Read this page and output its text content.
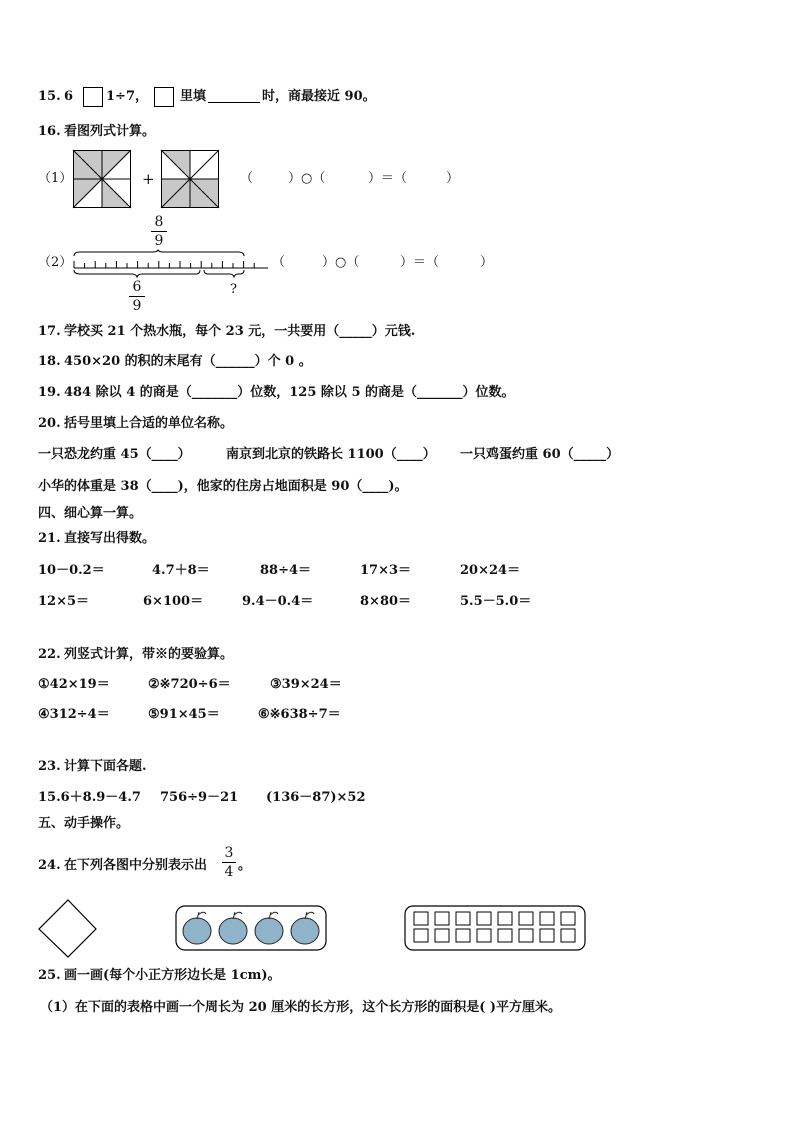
15. 6	1÷7， 里填	时，商最接近 90。
16. 看图列式计算。
（1）	+	（	）○（	）＝（	）
8
9
（2）
6
9
?
（	）○（	）＝（	）
17. 学校买 21 个热水瓶，每个 23 元，一共要用（_____）元钱.
18. 450×20 的积的末尾有（______）个 0 。
19. 484 除以 4 的商是（_______）位数，125 除以 5 的商是（_______）位数。
20. 括号里填上合适的单位名称。
一只恐龙约重 45（____）	南京到北京的铁路长 1100（____） 一只鸡蛋约重 60（_____）
小华的体重是 38（____)，他家的住房占地面积是 90（____)。
四、细心算一算。
21. 直接写出得数。
10－0.2＝	4.7＋8＝	88÷4＝	17×3＝	20×24＝
12×5＝	6×100＝	9.4－0.4＝	8×80＝	5.5－5.0＝
22. 列竖式计算，带※的要验算。
①42×19＝	②※720÷6＝	③39×24＝
④312÷4＝	⑤91×45＝	⑥※638÷7＝
23. 计算下面各题.
15.6＋8.9－4.7 756÷9－21 (136－87)×52
五、动手操作。
24. 在下列各图中分别表示出
3
4 。
25. 画一画(每个小正方形边长是 1cm)。
（1）在下面的表格中画一个周长为 20 厘米的长方形，这个长方形的面积是( )平方厘米。
